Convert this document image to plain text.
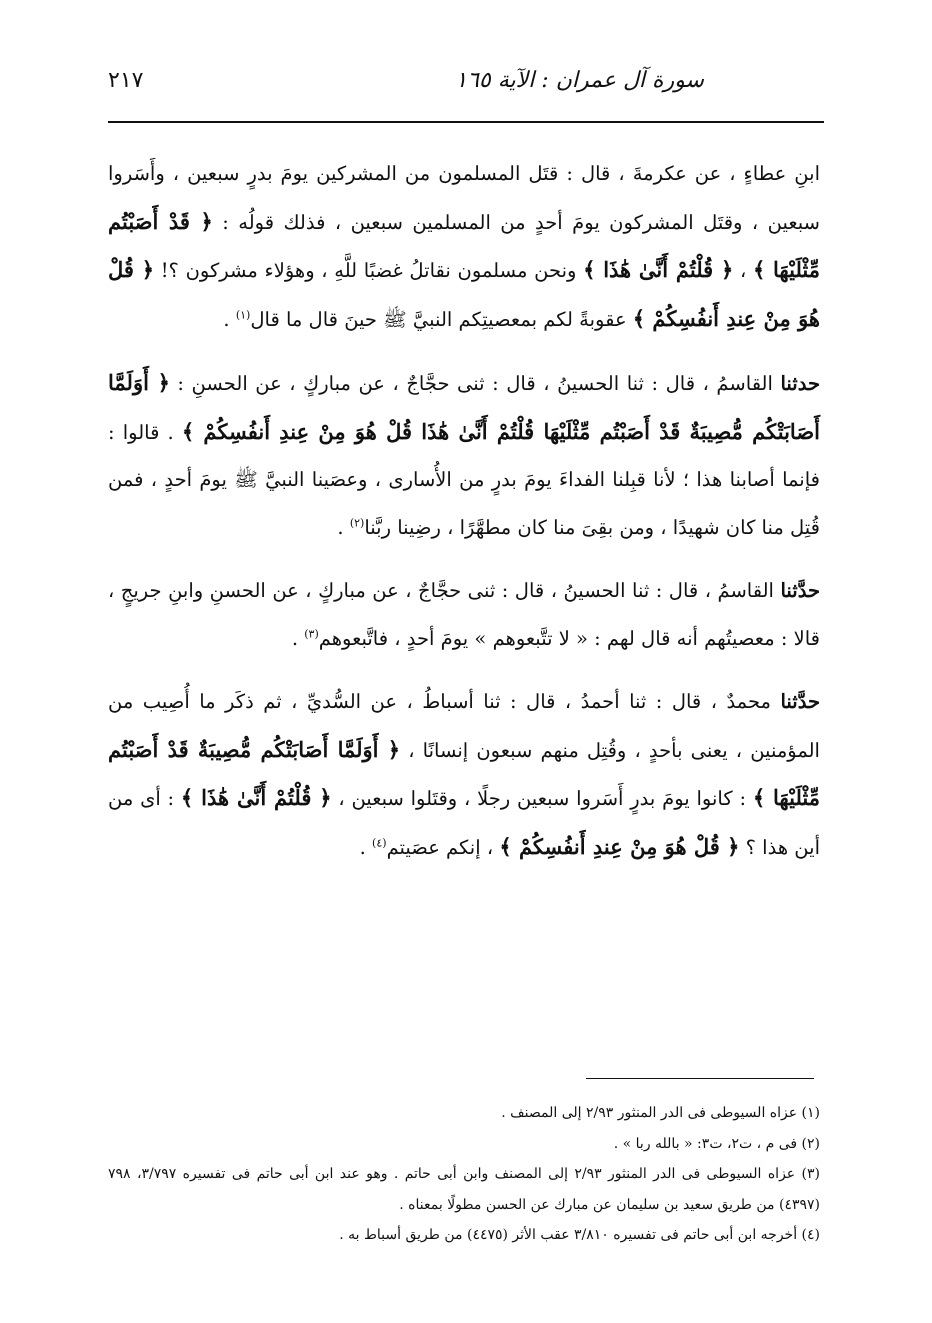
سورة آل عمران : الآية ١٦٥
٢١٧

ابنِ عطاءٍ ، عن عكرمةَ ، قال : قتَل المسلمون من المشركين يومَ بدرٍ سبعين ، وأَسَروا سبعين ، وقتَل المشركون يومَ أحدٍ من المسلمين سبعين ، فذلك قولُه : ﴿ قَدْ أَصَبْتُم مِّثْلَيْهَا ﴾ ، ﴿ قُلْتُمْ أَنَّىٰ هَٰذَا ﴾ ونحن مسلمون نقاتلُ غضبًا للَّهِ ، وهؤلاء مشركون ؟! ﴿ قُلْ هُوَ مِنْ عِندِ أَنفُسِكُمْ ﴾ عقوبةً لكم بمعصيتِكم النبيَّ ﷺ حينَ قال ما قال$^{(١)}$ .

حدثنا القاسمُ ، قال : ثنا الحسينُ ، قال : ثنى حجَّاجٌ ، عن مباركٍ ، عن الحسنِ : ﴿ أَوَلَمَّا أَصَابَتْكُم مُّصِيبَةٌ قَدْ أَصَبْتُم مِّثْلَيْهَا قُلْتُمْ أَنَّىٰ هَٰذَا قُلْ هُوَ مِنْ عِندِ أَنفُسِكُمْ ﴾ . قالوا : فإنما أصابنا هذا ؛ لأنا قبِلنا الفداءَ يومَ بدرٍ من الأُسارى ، وعصَينا النبيَّ ﷺ يومَ أحدٍ ، فمن قُتِل منا كان شهيدًا ، ومن بقِىَ منا كان مطهَّرًا ، رضِينا ربَّنا$^{(٢)}$ .

حدَّثنا القاسمُ ، قال : ثنا الحسينُ ، قال : ثنى حجَّاجٌ ، عن مباركٍ ، عن الحسنِ وابنِ جريجٍ ، قالا : معصيتُهم أنه قال لهم : « لا تتَّبعوهم » يومَ أحدٍ ، فاتَّبعوهم$^{(٣)}$ .

حدَّثنا محمدٌ ، قال : ثنا أحمدُ ، قال : ثنا أسباطُ ، عن السُّديِّ ، ثم ذكَر ما أُصِيب من المؤمنين ، يعنى بأحدٍ ، وقُتِل منهم سبعون إنسانًا ، ﴿ أَوَلَمَّا أَصَابَتْكُم مُّصِيبَةٌ قَدْ أَصَبْتُم مِّثْلَيْهَا ﴾ : كانوا يومَ بدرٍ أَسَروا سبعين رجلًا ، وقتَلوا سبعين ، ﴿ قُلْتُمْ أَنَّىٰ هَٰذَا ﴾ : أى من أين هذا ؟ ﴿ قُلْ هُوَ مِنْ عِندِ أَنفُسِكُمْ ﴾ ، إنكم عصَيتم$^{(٤)}$ .

(١) عزاه السيوطى فى الدر المنثور ٢/٩٣ إلى المصنف .

(٢) فى م ، ت٢، ت٣: « بالله ربا » .

(٣) عزاه السيوطى فى الدر المنثور ٢/٩٣ إلى المصنف وابن أبى حاتم . وهو عند ابن أبى حاتم فى تفسيره ٣/٧٩٧، ٧٩٨ (٤٣٩٧) من طريق سعيد بن سليمان عن مبارك عن الحسن مطولًا بمعناه .

(٤) أخرجه ابن أبى حاتم فى تفسيره ٣/٨١٠ عقب الأثر (٤٤٧٥) من طريق أسباط به .
